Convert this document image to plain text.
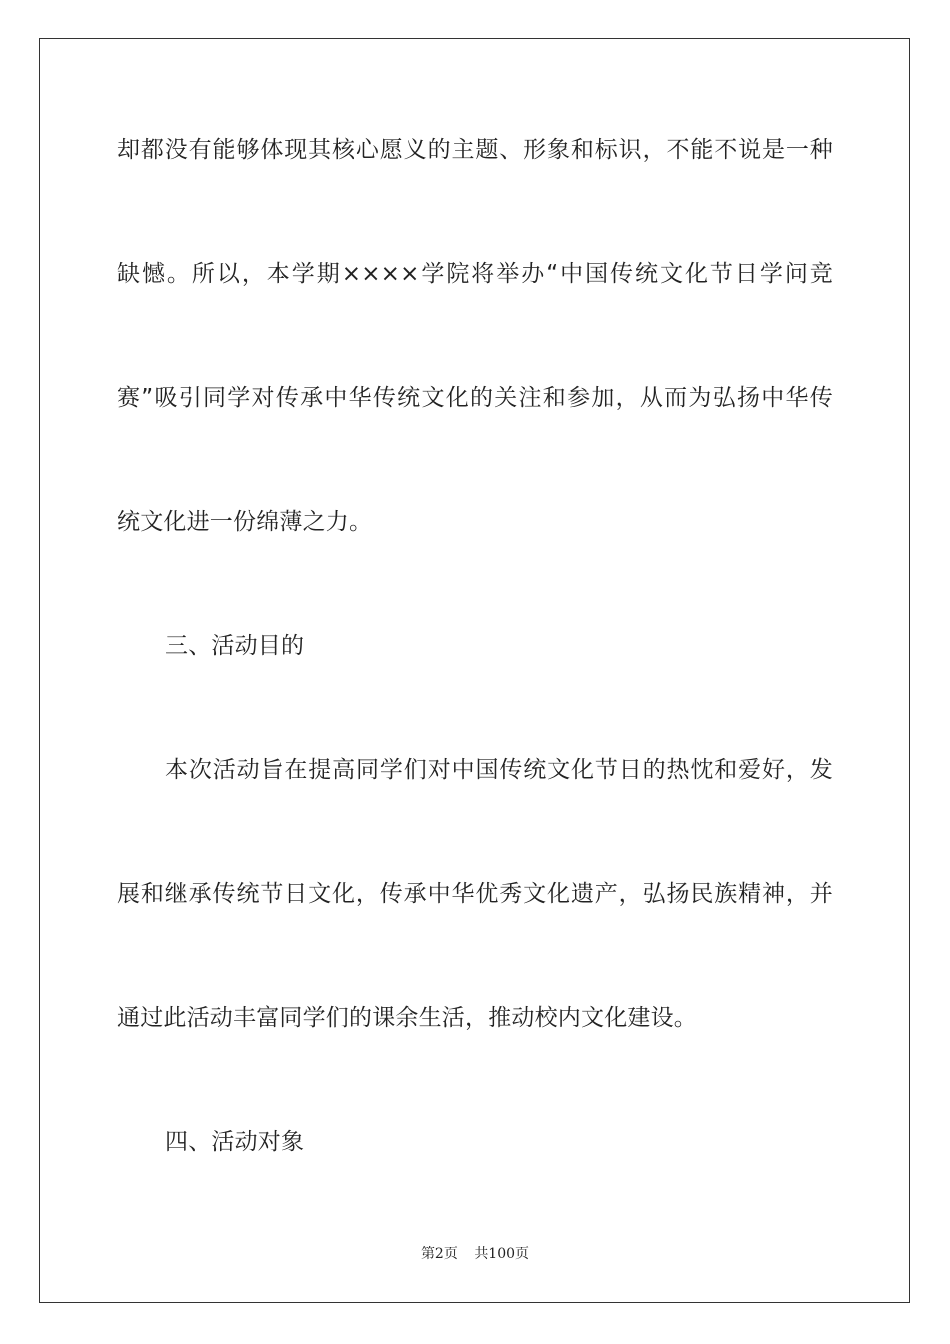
却都没有能够体现其核心愿义的主题、形象和标识，不能不说是一种
缺憾。所以，本学期××××学院将举办“中国传统文化节日学问竞
赛”吸引同学对传承中华传统文化的关注和参加，从而为弘扬中华传
统文化进一份绵薄之力。
三、活动目的
本次活动旨在提高同学们对中国传统文化节日的热忱和爱好，发
展和继承传统节日文化，传承中华优秀文化遗产，弘扬民族精神，并
通过此活动丰富同学们的课余生活，推动校内文化建设。
四、活动对象
第2页 共100页
